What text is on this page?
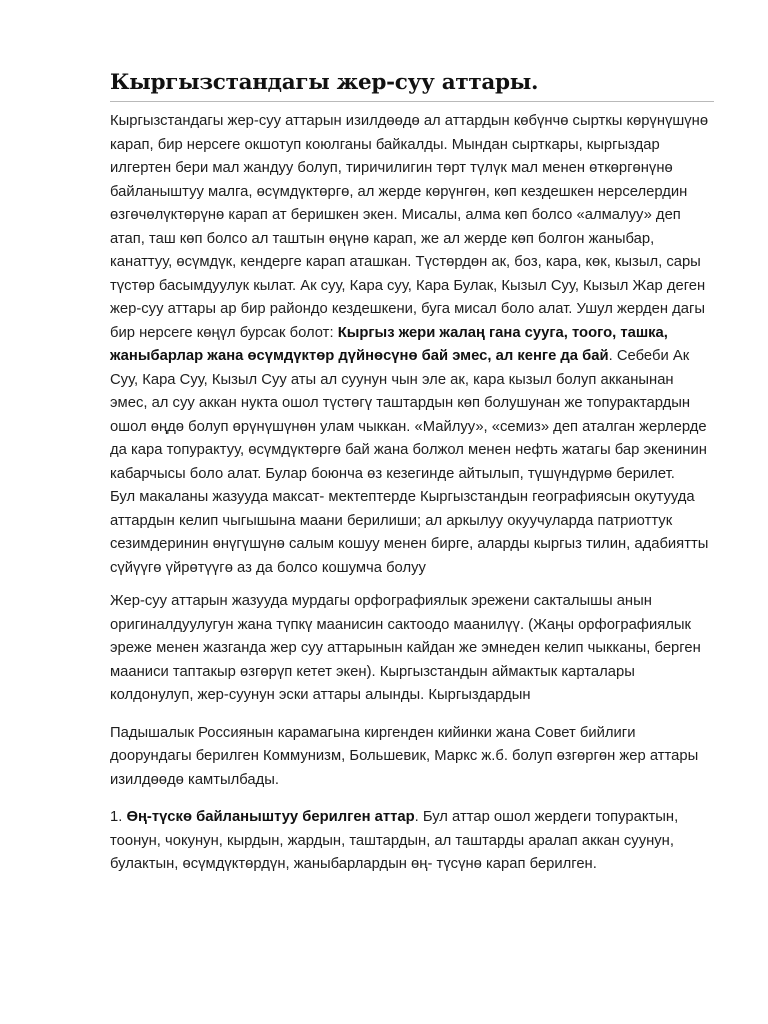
Кыргызстандагы жер-суу аттары.

Кыргызстандагы жер-суу аттарын изилдөөдө ал аттардын көбүнчө сырткы көрүнүшүнө карап, бир нерсеге окшотуп коюлганы байкалды. Мындан сырткары, кыргыздар илгертен бери мал жандуу болуп, тиричилигин төрт түлүк мал менен өткөргөнүнө байланыштуу малга, өсүмдүктөргө, ал жерде көрүнгөн, көп кездешкен нерселердин өзгөчөлүктөрүнө карап ат беришкен экен. Мисалы, алма көп болсо «алмалуу» деп атап, таш көп болсо ал таштын өңүнө карап, же ал жерде көп болгон жаныбар, канаттуу, өсүмдүк, кендерге карап аташкан. Түстөрдөн ак, боз, кара, көк, кызыл, сары түстөр басымдуулук кылат. Ак суу, Кара суу, Кара Булак, Кызыл Суу, Кызыл Жар деген жер-суу аттары ар бир райондо кездешкени, буга мисал боло алат. Ушул жерден дагы бир нерсеге көңүл бурсак болот: Кыргыз жери жалаң гана сууга, тоого, ташка, жаныбарлар жана өсүмдүктөр дүйнөсүнө бай эмес, ал кенге да бай. Себеби Ак Суу, Кара Суу, Кызыл Суу аты ал суунун чын эле ак, кара кызыл болуп акканынан эмес, ал суу аккан нукта ошол түстөгү таштардын көп болушунан же топурактардын ошол өңдө болуп өрүнүшүнөн улам чыккан. «Майлуу», «семиз» деп аталган жерлерде да кара топурактуу, өсүмдүктөргө бай жана болжол менен нефть жатагы бар экенинин кабарчысы боло алат. Булар боюнча өз кезегинде айтылып, түшүндүрмө берилет.

Бул макаланы жазууда максат- мектептерде Кыргызстандын географиясын окутууда аттардын келип чыгышына маани берилиши; ал аркылуу окуучуларда патриоттук сезимдеринин өнүгүшүнө салым кошуу менен бирге, аларды кыргыз тилин, адабиятты сүйүүгө үйрөтүүгө аз да болсо кошумча болуу

Жер-суу аттарын жазууда мурдагы орфографиялык эрежени сакталышы анын оригиналдуулугун жана түпкү маанисин сактоодо маанилүү. (Жаңы орфографиялык эреже менен жазганда жер суу аттарынын кайдан же эмнеден келип чыкканы, берген мааниси таптакыр өзгөрүп кетет экен). Кыргызстандын аймактык карталары колдонулуп, жер-суунун эски аттары алынды. Кыргыздардын

Падышалык Россиянын карамагына киргенден кийинки жана Совет бийлиги доорундагы берилген Коммунизм, Большевик, Маркс ж.б. болуп өзгөргөн жер аттары изилдөөдө камтылбады.

1. Өң-түскө байланыштуу берилген аттар. Бул аттар ошол жердеги топурактын, тоонун, чокунун, кырдын, жардын, таштардын, ал таштарды аралап аккан суунун, булактын, өсүмдүктөрдүн, жаныбарлардын өң- түсүнө карап берилген.
